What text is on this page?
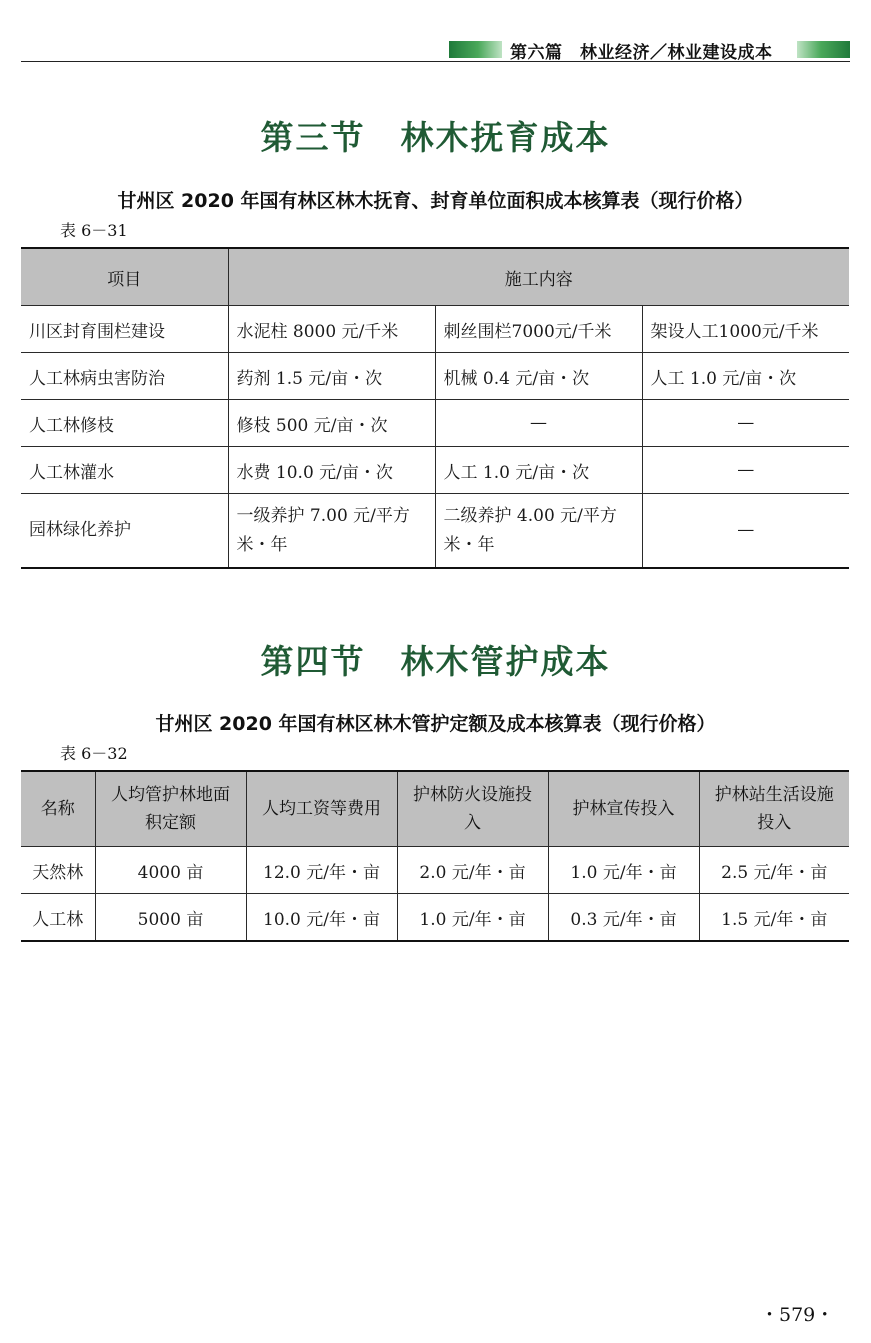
第六篇　林业经济／林业建设成本
第三节　林木抚育成本
甘州区 2020 年国有林区林木抚育、封育单位面积成本核算表（现行价格）
表 6－31
项目	施工内容		
川区封育围栏建设	水泥柱 8000 元/千米	刺丝围栏7000元/千米	架设人工1000元/千米
人工林病虫害防治	药剂 1.5 元/亩・次	机械 0.4 元/亩・次	人工 1.0 元/亩・次
人工林修枝	修枝 500 元/亩・次	—	—
人工林灌水	水费 10.0 元/亩・次	人工 1.0 元/亩・次	—
园林绿化养护	一级养护 7.00 元/平方米・年	二级养护 4.00 元/平方米・年	—
第四节　林木管护成本
甘州区 2020 年国有林区林木管护定额及成本核算表（现行价格）
表 6－32
名称	人均管护林地面积定额	人均工资等费用	护林防火设施投入	护林宣传投入	护林站生活设施投入
天然林	4000 亩	12.0 元/年・亩	2.0 元/年・亩	1.0 元/年・亩	2.5 元/年・亩
人工林	5000 亩	10.0 元/年・亩	1.0 元/年・亩	0.3 元/年・亩	1.5 元/年・亩
・579・
